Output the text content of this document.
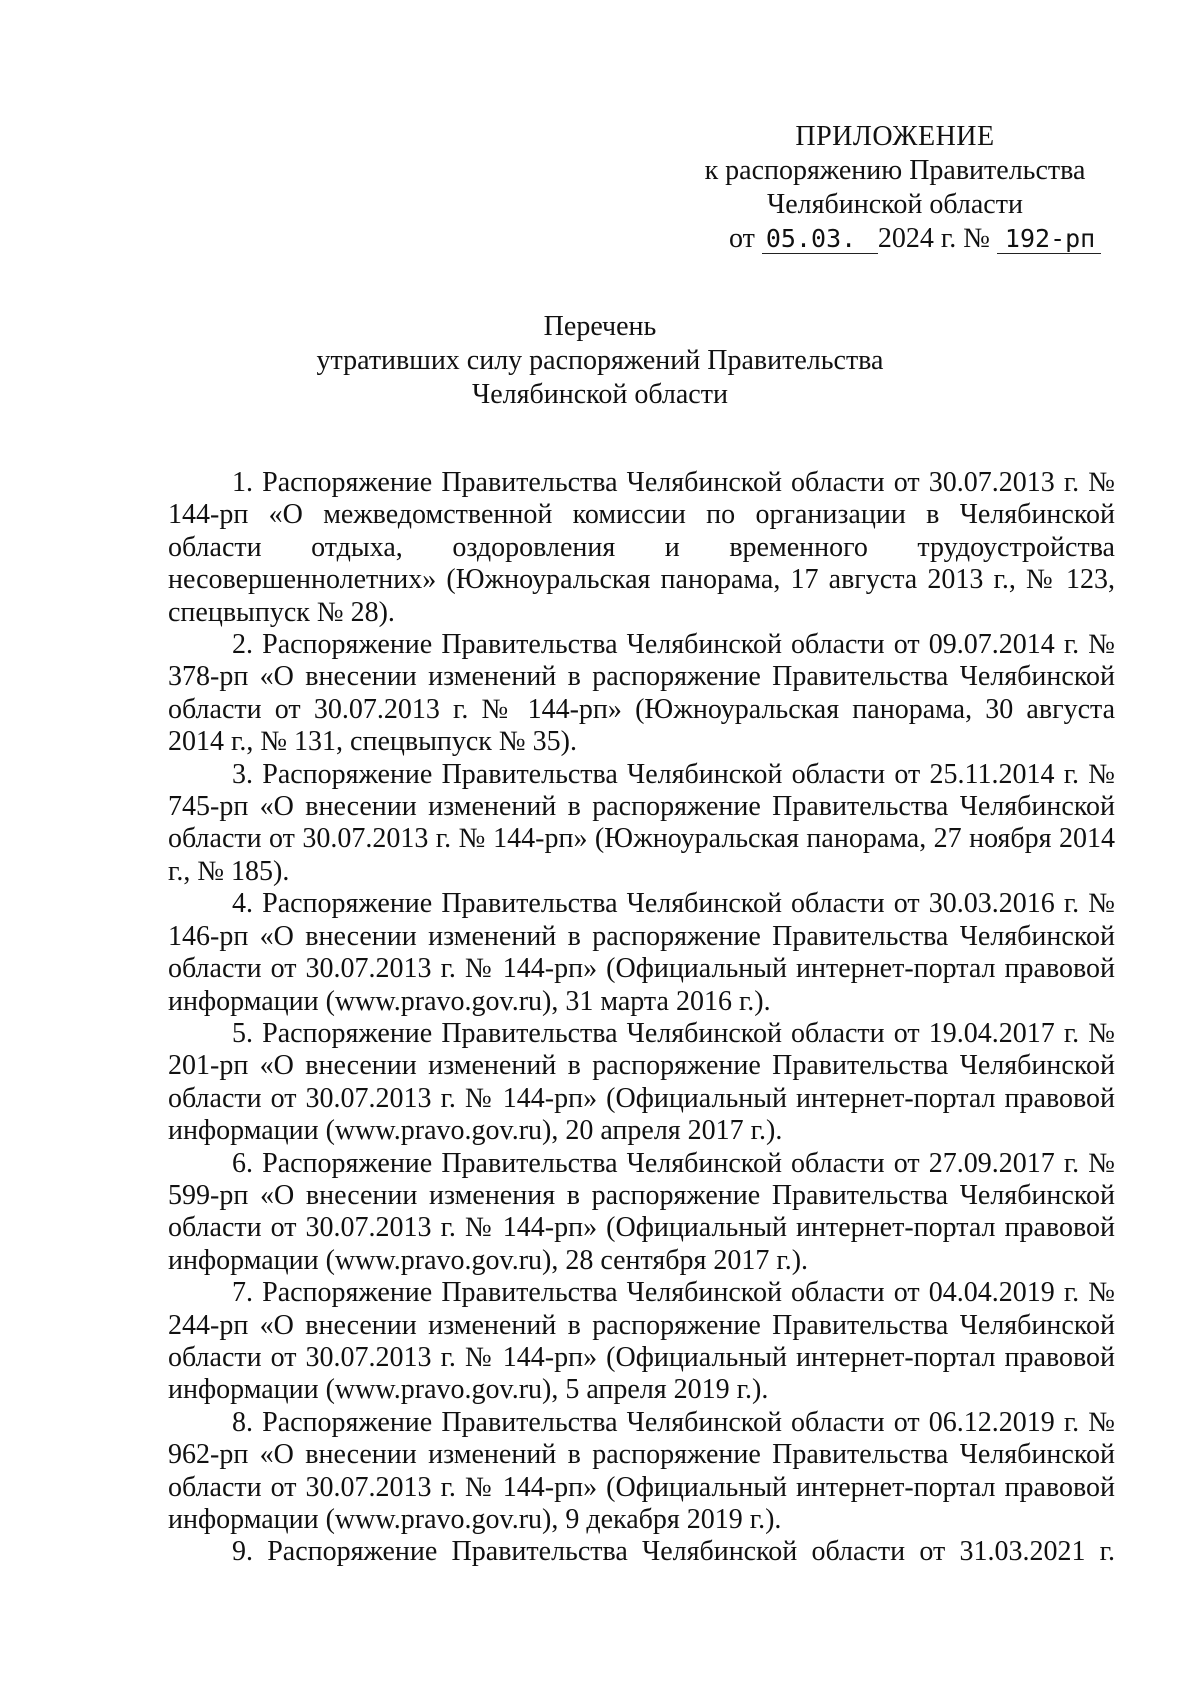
ПРИЛОЖЕНИЕ
к распоряжению Правительства
Челябинской области
от 05.03. 2024 г. № 192-рп
Перечень
утративших силу распоряжений Правительства
Челябинской области

1. Распоряжение Правительства Челябинской области от 30.07.2013 г. № 144-рп «О межведомственной комиссии по организации в Челябинской области отдыха, оздоровления и временного трудоустройства несовершеннолетних» (Южноуральская панорама, 17 августа 2013 г., № 123, спецвыпуск № 28).

2. Распоряжение Правительства Челябинской области от 09.07.2014 г. № 378-рп «О внесении изменений в распоряжение Правительства Челябинской области от 30.07.2013 г. № 144-рп» (Южноуральская панорама, 30 августа 2014 г., № 131, спецвыпуск № 35).

3. Распоряжение Правительства Челябинской области от 25.11.2014 г. № 745-рп «О внесении изменений в распоряжение Правительства Челябинской области от 30.07.2013 г. № 144-рп» (Южноуральская панорама, 27 ноября 2014 г., № 185).

4. Распоряжение Правительства Челябинской области от 30.03.2016 г. № 146-рп «О внесении изменений в распоряжение Правительства Челябинской области от 30.07.2013 г. № 144-рп» (Официальный интернет-портал правовой информации (www.pravo.gov.ru), 31 марта 2016 г.).

5. Распоряжение Правительства Челябинской области от 19.04.2017 г. № 201-рп «О внесении изменений в распоряжение Правительства Челябинской области от 30.07.2013 г. № 144-рп» (Официальный интернет-портал правовой информации (www.pravo.gov.ru), 20 апреля 2017 г.).

6. Распоряжение Правительства Челябинской области от 27.09.2017 г. № 599-рп «О внесении изменения в распоряжение Правительства Челябинской области от 30.07.2013 г. № 144-рп» (Официальный интернет-портал правовой информации (www.pravo.gov.ru), 28 сентября 2017 г.).

7. Распоряжение Правительства Челябинской области от 04.04.2019 г. № 244-рп «О внесении изменений в распоряжение Правительства Челябинской области от 30.07.2013 г. № 144-рп» (Официальный интернет-портал правовой информации (www.pravo.gov.ru), 5 апреля 2019 г.).

8. Распоряжение Правительства Челябинской области от 06.12.2019 г. № 962-рп «О внесении изменений в распоряжение Правительства Челябинской области от 30.07.2013 г. № 144-рп» (Официальный интернет-портал правовой информации (www.pravo.gov.ru), 9 декабря 2019 г.).

9. Распоряжение Правительства Челябинской области от 31.03.2021 г.
